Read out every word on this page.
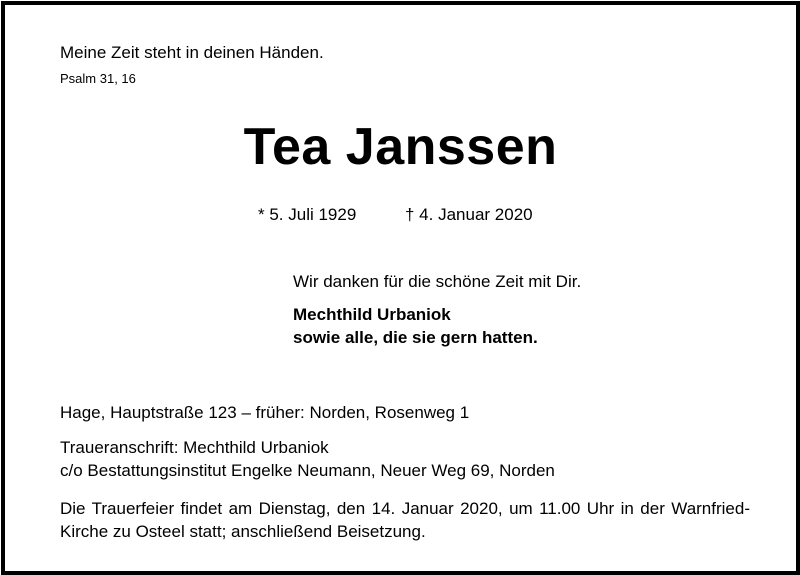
Meine Zeit steht in deinen Händen.
Psalm 31, 16
Tea Janssen
* 5. Juli 1929	† 4. Januar 2020
Wir danken für die schöne Zeit mit Dir.
Mechthild Urbaniok
sowie alle, die sie gern hatten.
Hage, Hauptstraße 123 – früher: Norden, Rosenweg 1
Traueranschrift: Mechthild Urbaniok
c/o Bestattungsinstitut Engelke Neumann, Neuer Weg 69, Norden
Die Trauerfeier findet am Dienstag, den 14. Januar 2020, um 11.00 Uhr in der Warnfried-Kirche zu Osteel statt; anschließend Beisetzung.
